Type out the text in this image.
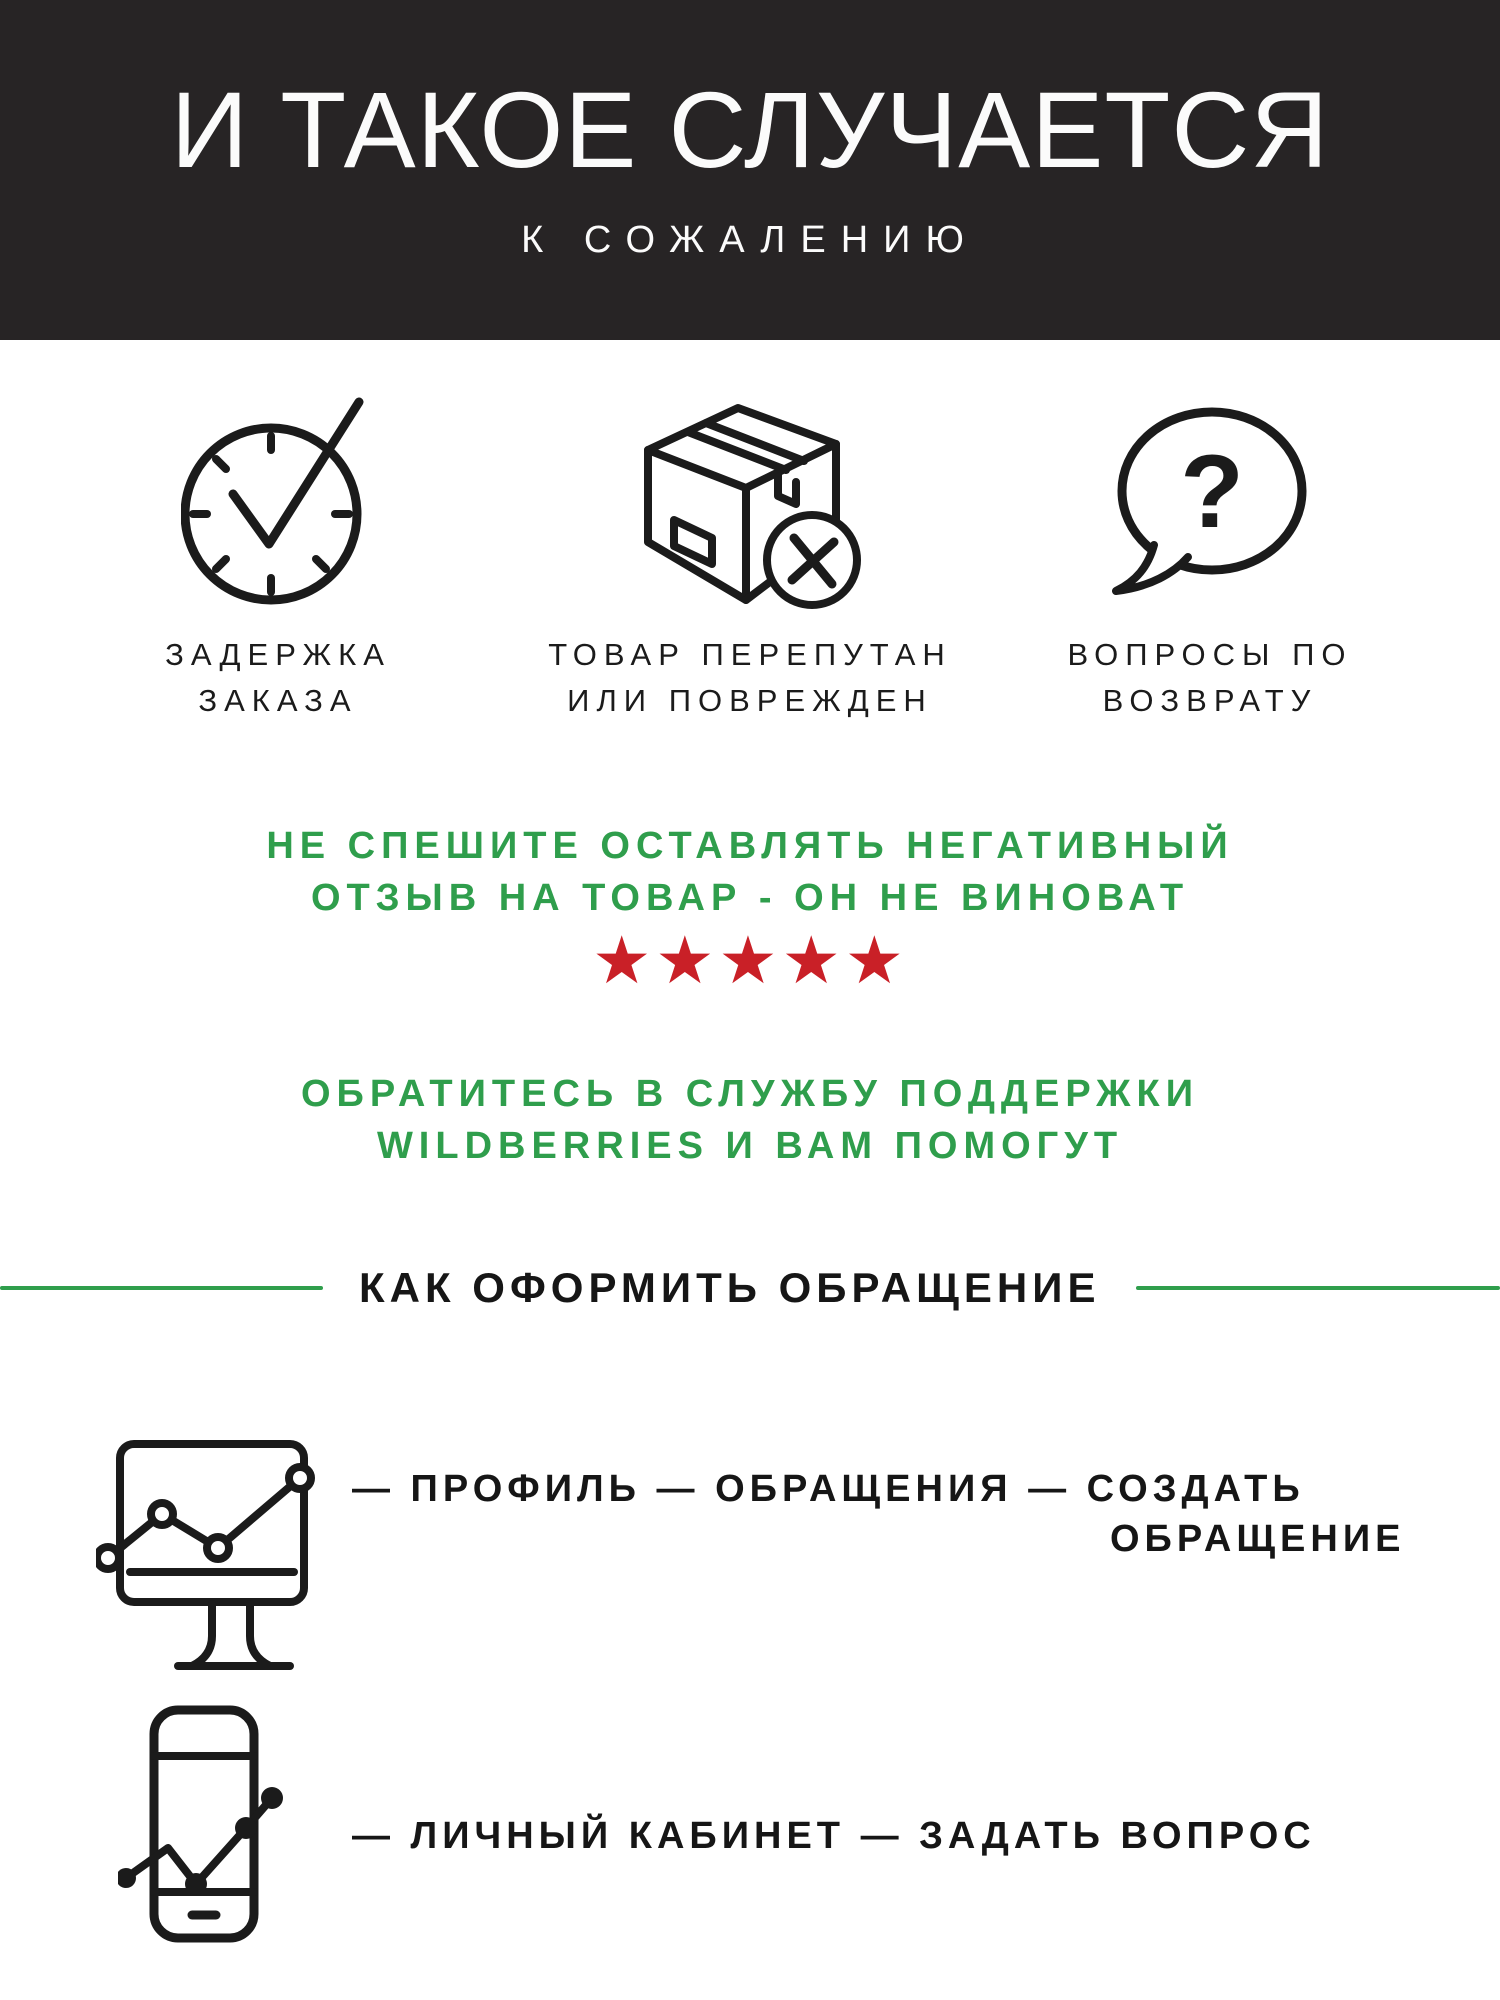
И ТАКОЕ СЛУЧАЕТСЯ
К СОЖАЛЕНИЮ
ЗАДЕРЖКА
ЗАКАЗА
ТОВАР ПЕРЕПУТАН
ИЛИ ПОВРЕЖДЕН
?
ВОПРОСЫ ПО
ВОЗВРАТУ
НЕ СПЕШИТЕ ОСТАВЛЯТЬ НЕГАТИВНЫЙ
ОТЗЫВ НА ТОВАР - ОН НЕ ВИНОВАТ
★★★★★
ОБРАТИТЕСЬ В СЛУЖБУ ПОДДЕРЖКИ
WILDBERRIES И ВАМ ПОМОГУТ
КАК ОФОРМИТЬ ОБРАЩЕНИЕ
— ПРОФИЛЬ — ОБРАЩЕНИЯ — СОЗДАТЬ
ОБРАЩЕНИЕ
— ЛИЧНЫЙ КАБИНЕТ — ЗАДАТЬ ВОПРОС
